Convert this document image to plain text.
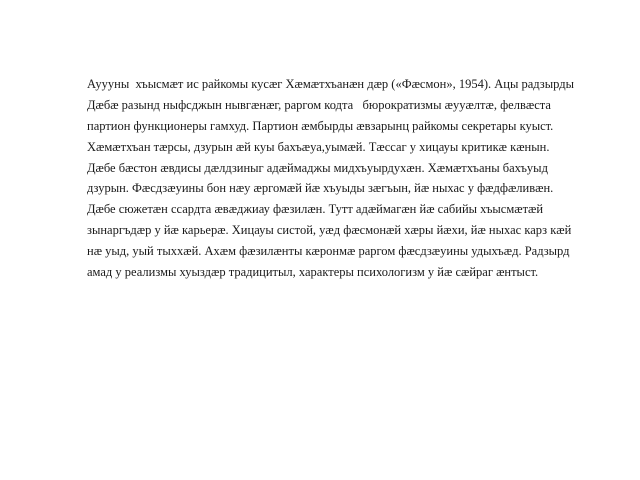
Ауууны  хъысмæт ис райкомы кусæг Хæмæтхъанæн дæр («Фæсмон», 1954). Ацы радзырды
Дæбæ разынд ныфсджын нывгæнæг, раргом кодта   бюрократизмы æууæлтæ, фелвæста
партион функционеры гамхуд. Партион æмбырды æвзарынц райкомы секретары куыст.
Хæмæтхъан тæрсы, дзурын æй куы бахъæуа,уымæй. Тæссаг у хицауы критикæ кæнын.
Дæбе бæстон æвдисы дæлдзиныг адæймаджы мидхъуырдухæн. Хæмæтхъаны бахъуыд
дзурын. Фæсдзæуины бон нæу æргомæй йæ хъуыды зæгъын, йæ ныхас у фæдфæливæн.
Дæбе сюжетæн ссардта æвæджиау фæзилæн. Тутт адæймагæн йæ сабийы хъысмæтæй
зынаргъдæр у йæ карьерæ. Хицауы систой, уæд фæсмонæй хæры йæхи, йæ ныхас карз кæй
нæ уыд, уый тыххæй. Ахæм фæзилæнты кæронмæ раргом фæсдзæуины удыхъæд. Радзырд
амад у реализмы хуыздæр традицитыл, характеры психологизм у йæ сæйраг æнтыст.
